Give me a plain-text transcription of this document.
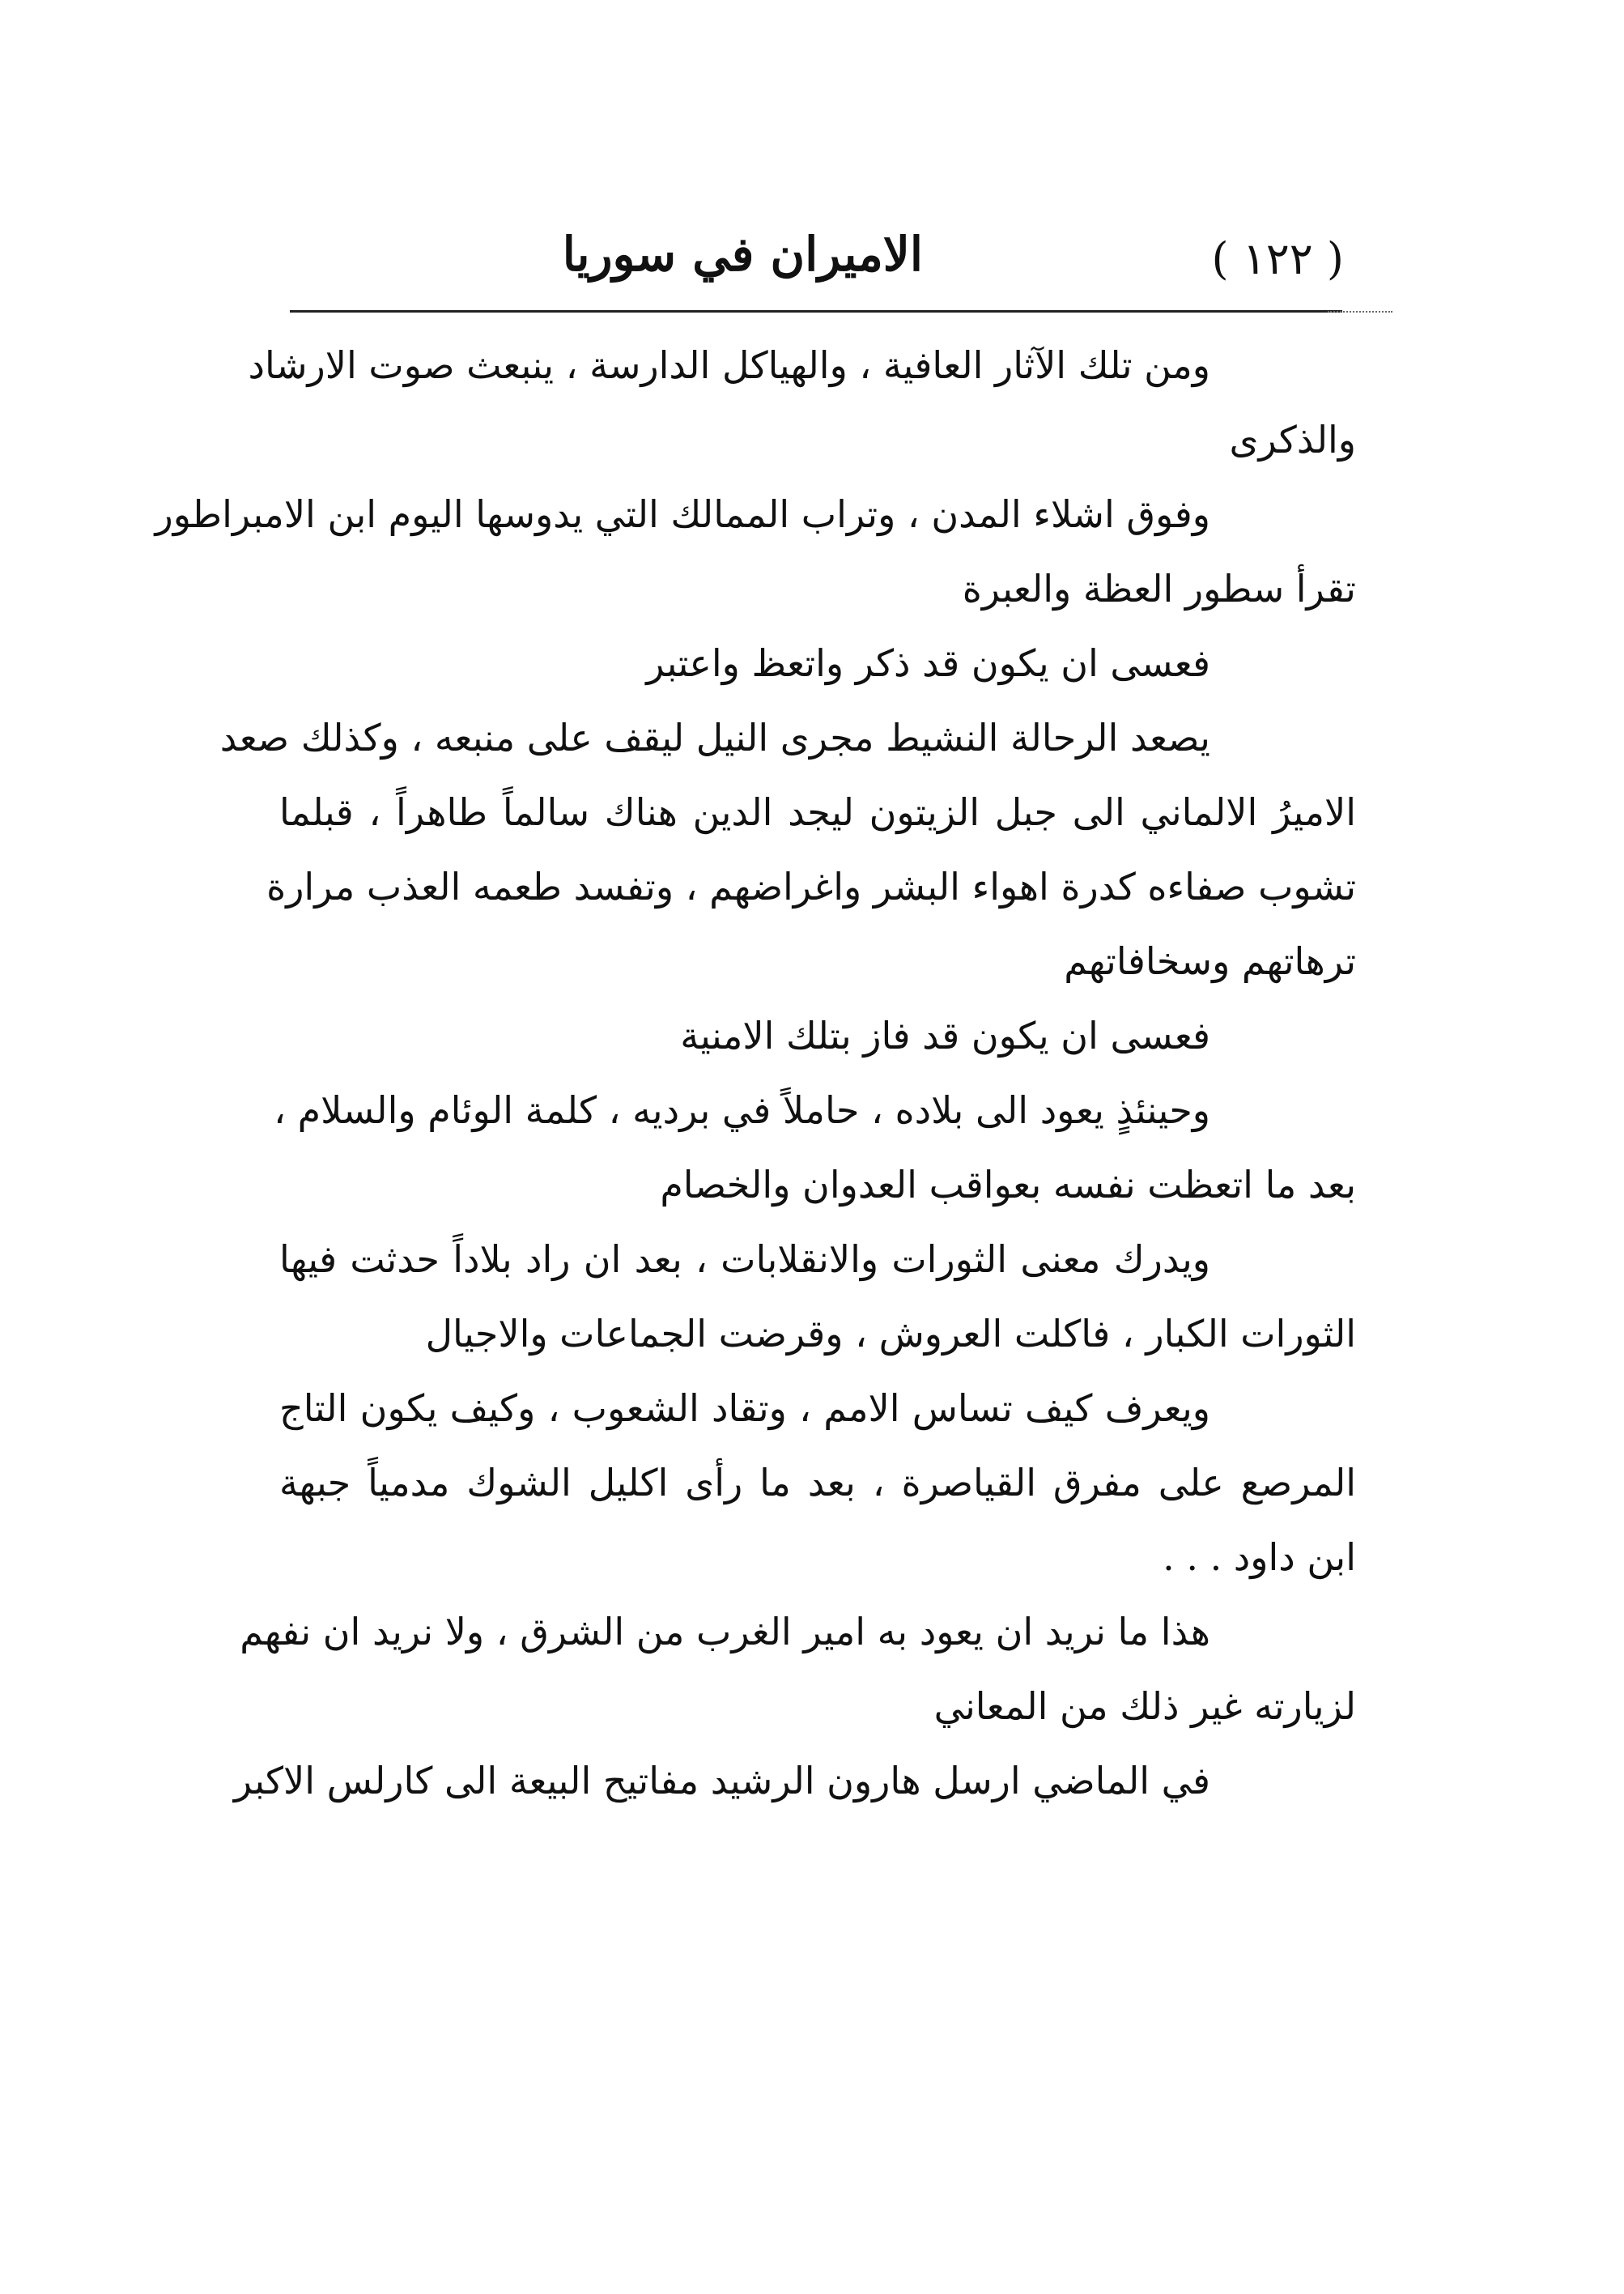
( ١٢٢ )
الاميران في سوريا
ومن تلك الآثار العافية ، والهياكل الدارسة ، ينبعث صوت الارشاد
والذكرى
وفوق اشلاء المدن ، وتراب الممالك التي يدوسها اليوم ابن الامبراطور
تقرأ سطور العظة والعبرة
فعسى ان يكون قد ذكر واتعظ واعتبر
يصعد الرحالة النشيط مجرى النيل ليقف على منبعه ، وكذلك صعد
الاميرُ الالماني الى جبل الزيتون ليجد الدين هناك سالماً طاهراً ، قبلما
تشوب صفاءه كدرة اهواء البشر واغراضهم ، وتفسد طعمه العذب مرارة
ترهاتهم وسخافاتهم
فعسى ان يكون قد فاز بتلك الامنية
وحينئذٍ يعود الى بلاده ، حاملاً في برديه ، كلمة الوئام والسلام ،
بعد ما اتعظت نفسه بعواقب العدوان والخصام
ويدرك معنى الثورات والانقلابات ، بعد ان راد بلاداً حدثت فيها
الثورات الكبار ، فاكلت العروش ، وقرضت الجماعات والاجيال
ويعرف كيف تساس الامم ، وتقاد الشعوب ، وكيف يكون التاج
المرصع على مفرق القياصرة ، بعد ما رأى اكليل الشوك مدمياً جبهة
ابن داود . . .
هذا ما نريد ان يعود به امير الغرب من الشرق ، ولا نريد ان نفهم
لزيارته غير ذلك من المعاني
في الماضي ارسل هارون الرشيد مفاتيح البيعة الى كارلس الاكبر
